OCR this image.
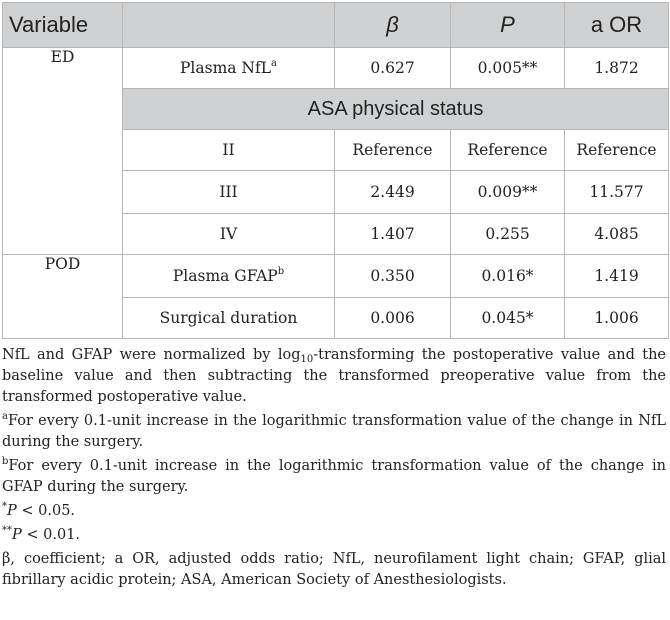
Variable		β	P	a OR
ED	Plasma NfL$^a$	0.627	0.005**	1.872
	ASA physical status			
	II	Reference	Reference	Reference
	III	2.449	0.009**	11.577
	IV	1.407	0.255	4.085
POD	Plasma GFAP$^b$	0.350	0.016*	1.419
	Surgical duration	0.006	0.045*	1.006

NfL and GFAP were normalized by $\log_{10}$-transforming the postoperative value and the baseline value and then subtracting the transformed preoperative value from the transformed postoperative value.

$^a$For every 0.1-unit increase in the logarithmic transformation value of the change in NfL during the surgery.

$^b$For every 0.1-unit increase in the logarithmic transformation value of the change in GFAP during the surgery.

*P < 0.05.

**P < 0.01.

β, coefficient; a OR, adjusted odds ratio; NfL, neurofilament light chain; GFAP, glial fibrillary acidic protein; ASA, American Society of Anesthesiologists.
